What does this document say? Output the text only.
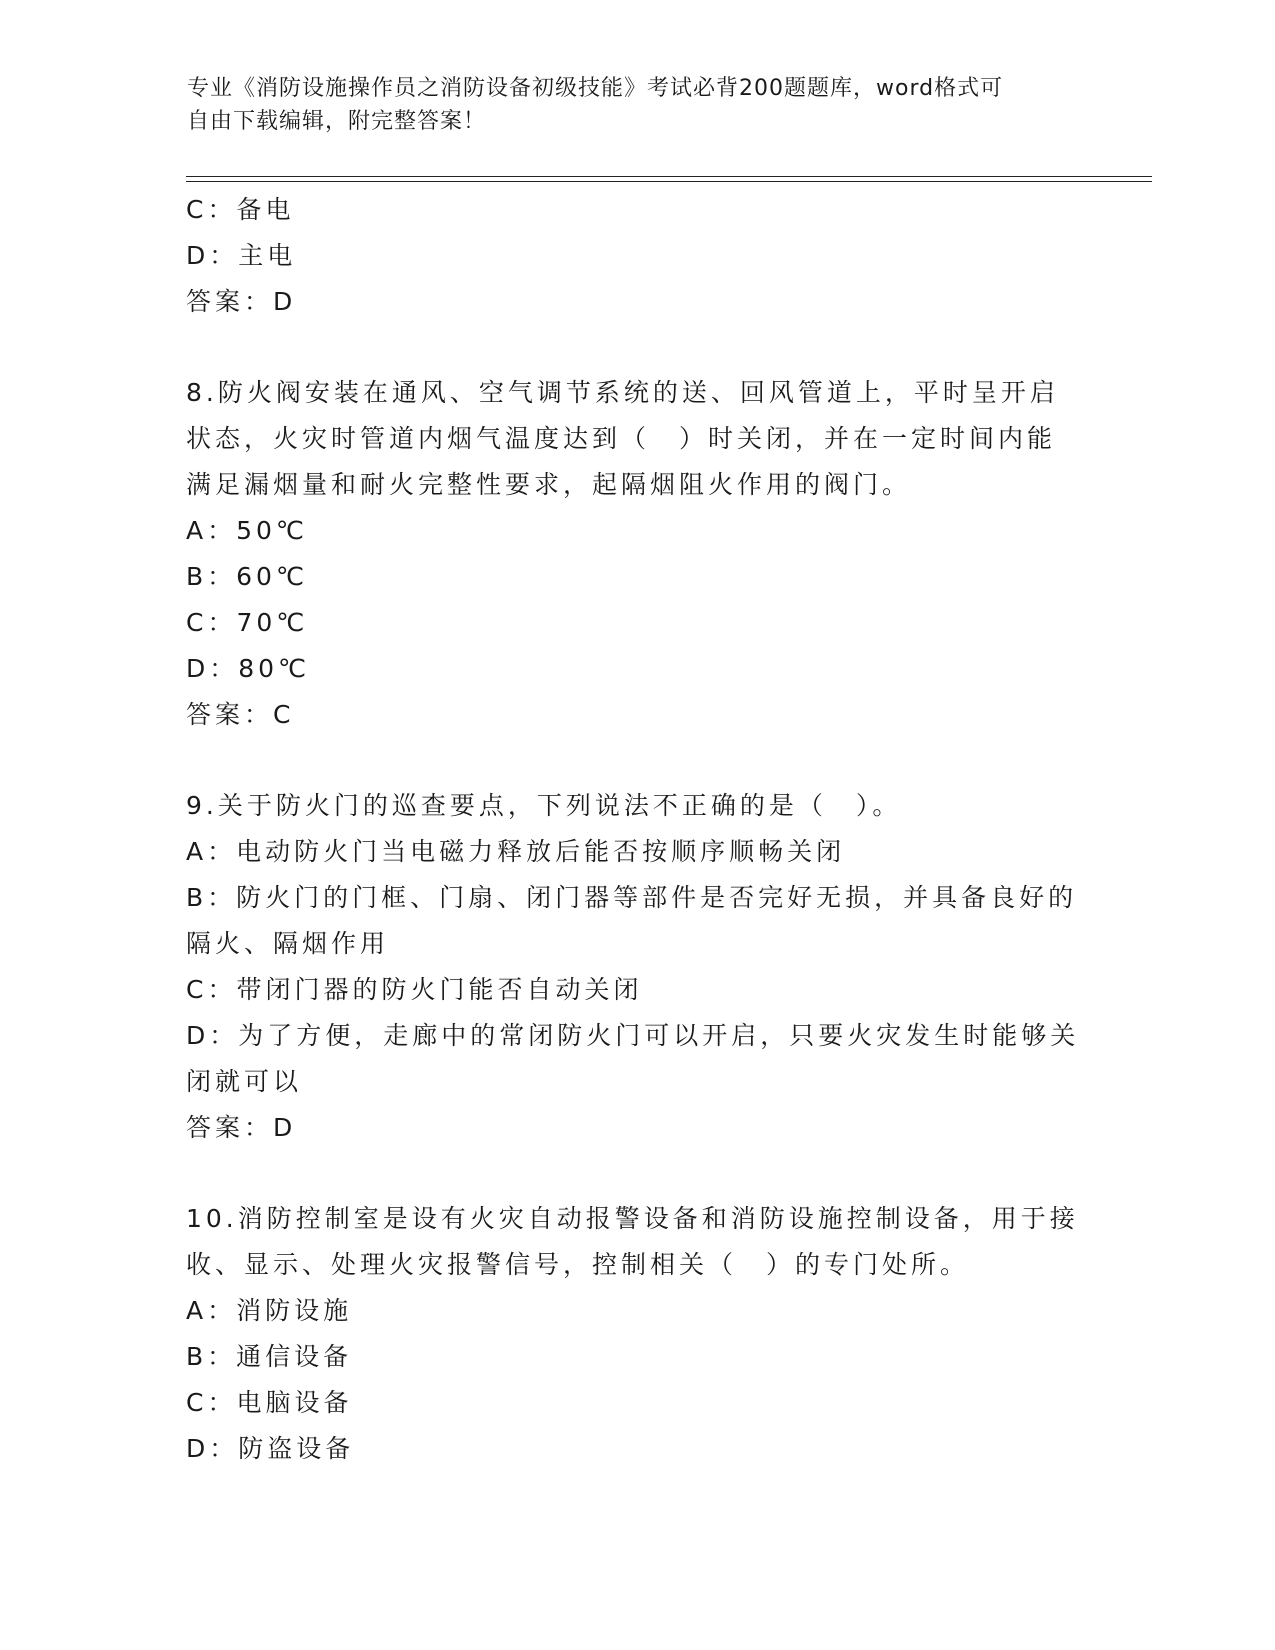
专业《消防设施操作员之消防设备初级技能》考试必背200题题库，word格式可
自由下载编辑，附完整答案！
C：备电
D：主电
答案：D
8.防火阀安装在通风、空气调节系统的送、回风管道上，平时呈开启
状态，火灾时管道内烟气温度达到（　）时关闭，并在一定时间内能
满足漏烟量和耐火完整性要求，起隔烟阻火作用的阀门。
A：50℃
B：60℃
C：70℃
D：80℃
答案：C
9.关于防火门的巡查要点，下列说法不正确的是（　）。
A：电动防火门当电磁力释放后能否按顺序顺畅关闭
B：防火门的门框、门扇、闭门器等部件是否完好无损，并具备良好的
隔火、隔烟作用
C：带闭门器的防火门能否自动关闭
D：为了方便，走廊中的常闭防火门可以开启，只要火灾发生时能够关
闭就可以
答案：D
10.消防控制室是设有火灾自动报警设备和消防设施控制设备，用于接
收、显示、处理火灾报警信号，控制相关（　）的专门处所。
A：消防设施
B：通信设备
C：电脑设备
D：防盗设备
